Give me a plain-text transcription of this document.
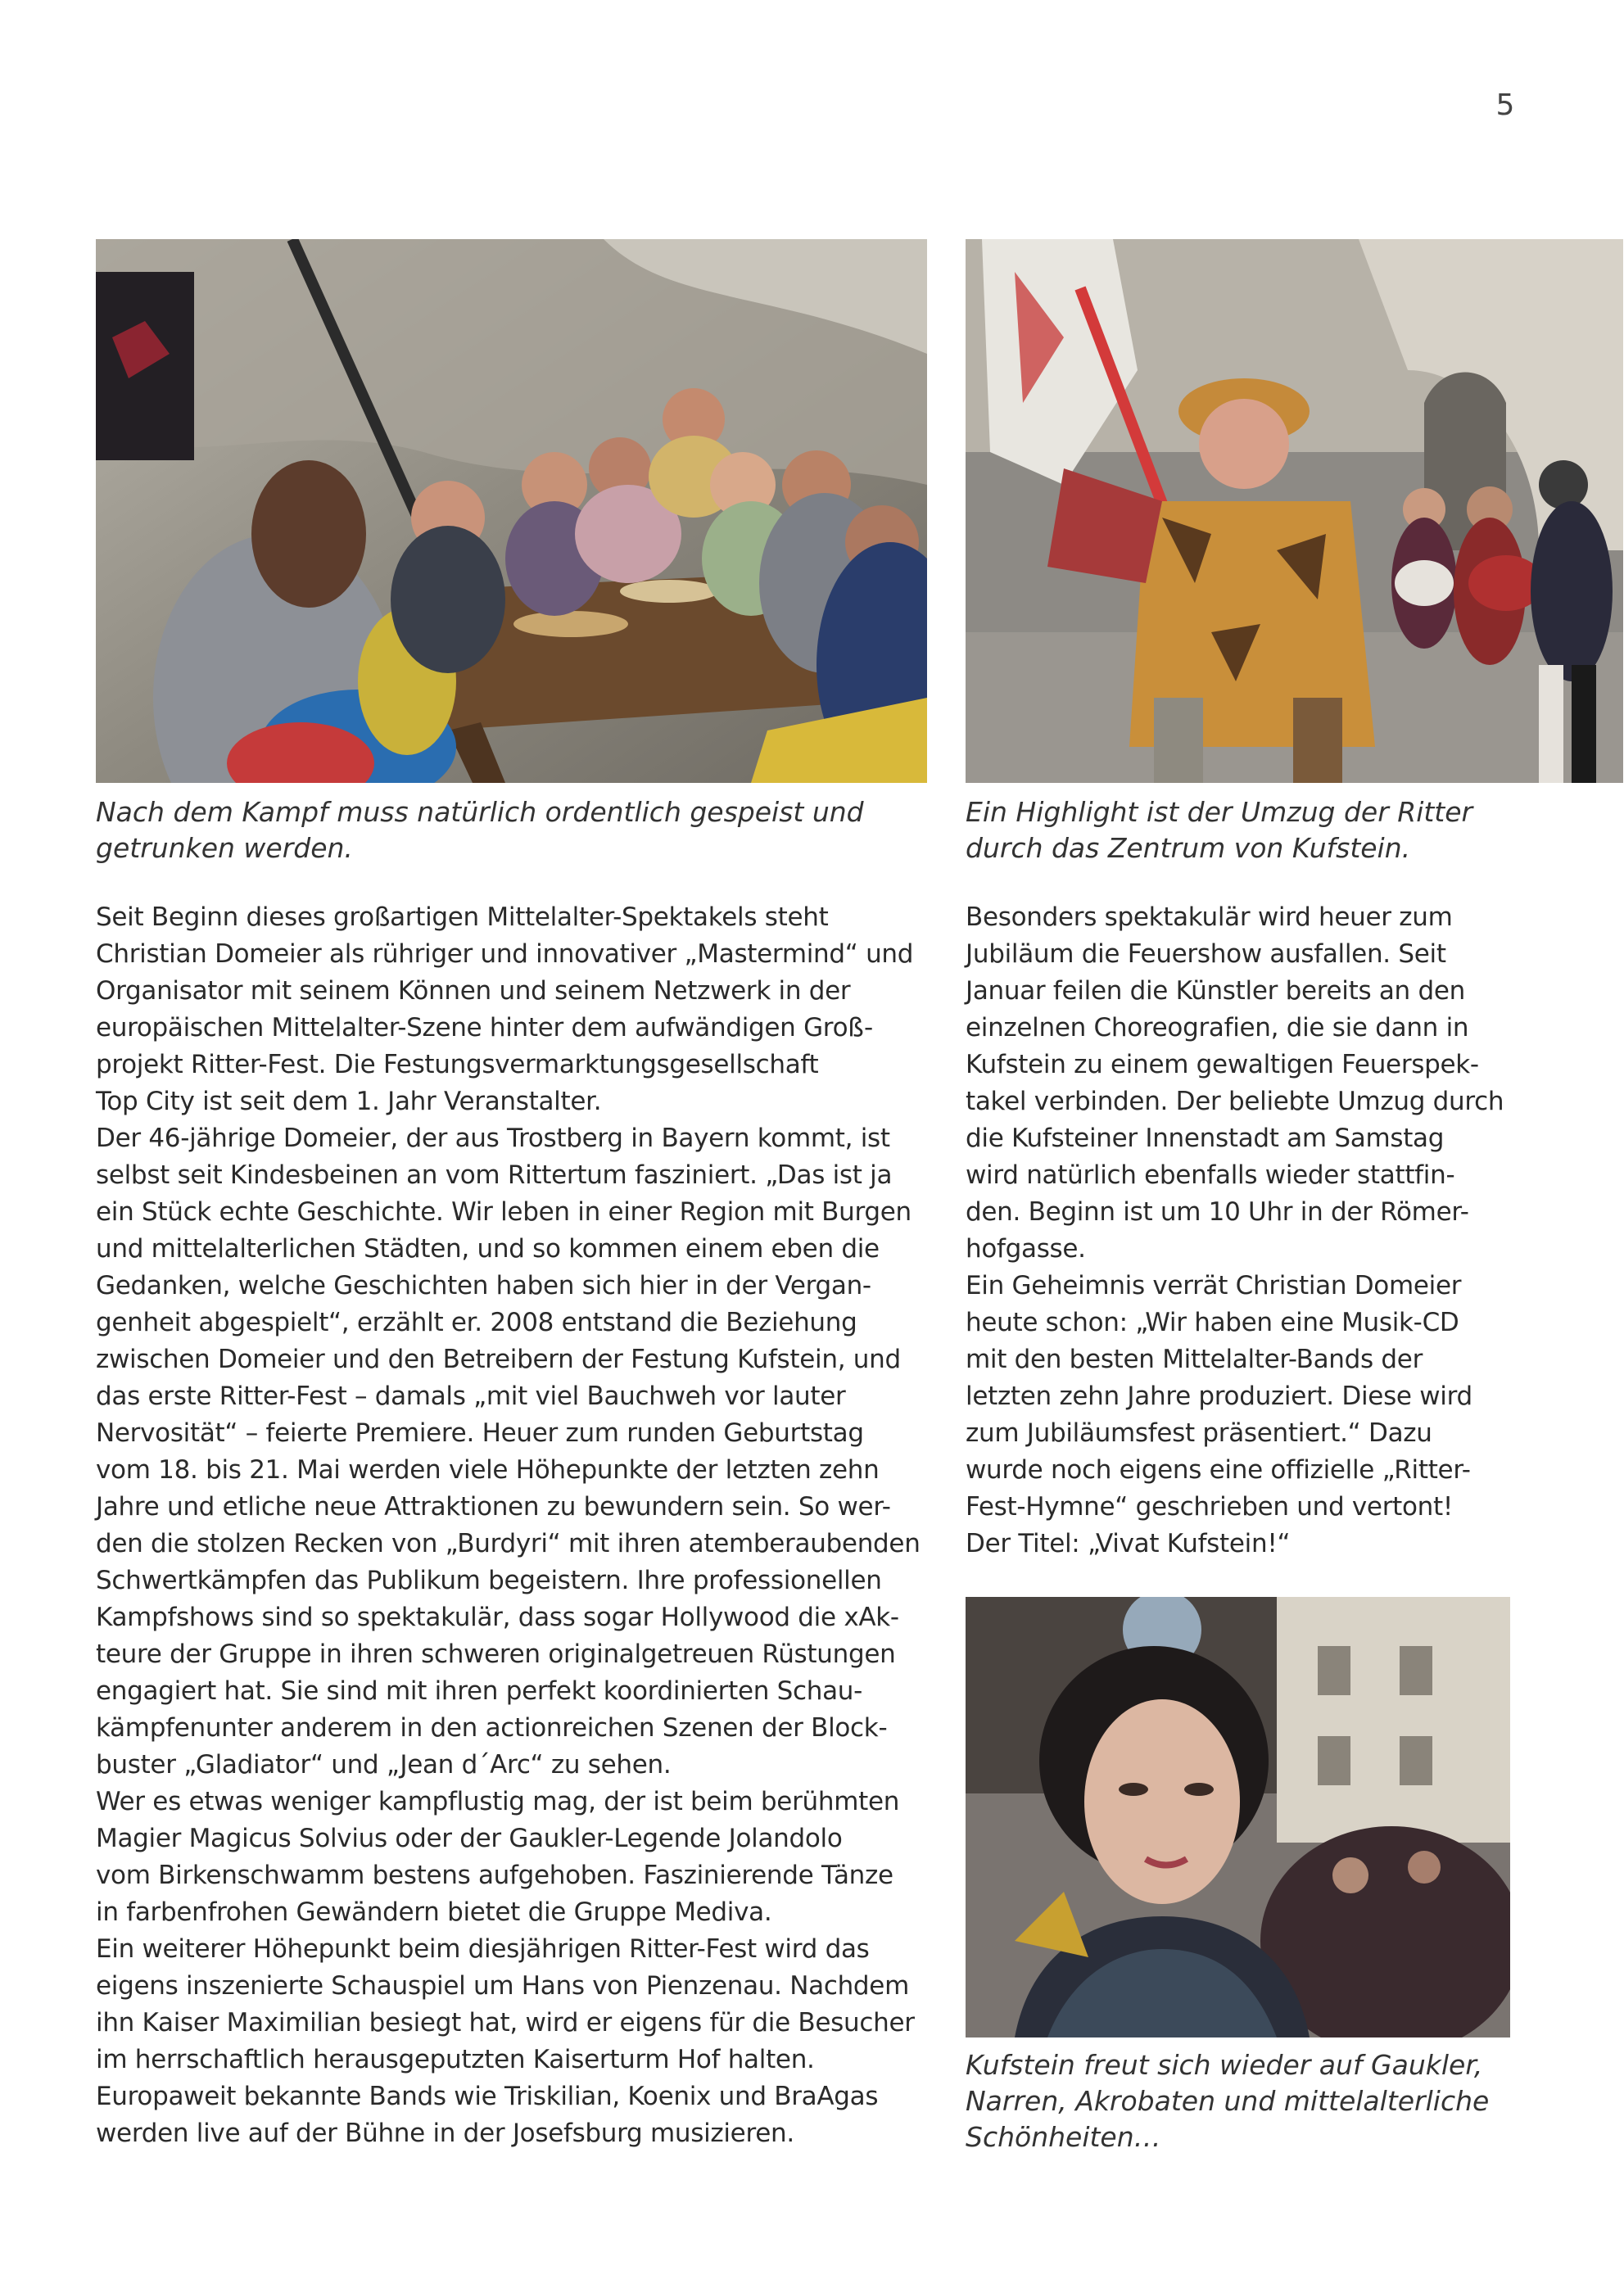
5

Nach dem Kampf muss natürlich ordentlich gespeist und

getrunken werden.

Ein Highlight ist der Umzug der Ritter

durch das Zentrum von Kufstein.

Kufstein freut sich wieder auf Gaukler,

Narren, Akrobaten und mittelalterliche

Schönheiten…

Seit Beginn dieses großartigen Mittelalter-Spektakels steht

Christian Domeier als rühriger und innovativer „Mastermind“ und

Organisator mit seinem Können und seinem Netzwerk in der

europäischen Mittelalter-Szene hinter dem aufwändigen Groß-

projekt Ritter-Fest. Die Festungsvermarktungsgesellschaft

Top City ist seit dem 1. Jahr Veranstalter.

Der 46-jährige Domeier, der aus Trostberg in Bayern kommt, ist

selbst seit Kindesbeinen an vom Rittertum fasziniert. „Das ist ja

ein Stück echte Geschichte. Wir leben in einer Region mit Burgen

und mittelalterlichen Städten, und so kommen einem eben die

Gedanken, welche Geschichten haben sich hier in der Vergan-

genheit abgespielt“, erzählt er. 2008 entstand die Beziehung

zwischen Domeier und den Betreibern der Festung Kufstein, und

das erste Ritter-Fest – damals „mit viel Bauchweh vor lauter

Nervosität“ – feierte Premiere. Heuer zum runden Geburtstag

vom 18. bis 21. Mai werden viele Höhepunkte der letzten zehn

Jahre und etliche neue Attraktionen zu bewundern sein. So wer-

den die stolzen Recken von „Burdyri“ mit ihren atemberaubenden

Schwertkämpfen das Publikum begeistern. Ihre professionellen

Kampfshows sind so spektakulär, dass sogar Hollywood die xAk-

teure der Gruppe in ihren schweren originalgetreuen Rüstungen

engagiert hat. Sie sind mit ihren perfekt koordinierten Schau-

kämpfenunter anderem in den actionreichen Szenen der Block-

buster „Gladiator“ und „Jean d´Arc“ zu sehen.

Wer es etwas weniger kampflustig mag, der ist beim berühmten

Magier Magicus Solvius oder der Gaukler-Legende Jolandolo

vom Birkenschwamm bestens aufgehoben. Faszinierende Tänze

in farbenfrohen Gewändern bietet die Gruppe Mediva.

Ein weiterer Höhepunkt beim diesjährigen Ritter-Fest wird das

eigens inszenierte Schauspiel um Hans von Pienzenau. Nachdem

ihn Kaiser Maximilian besiegt hat, wird er eigens für die Besucher

im herrschaftlich herausgeputzten Kaiserturm Hof halten.

Europaweit bekannte Bands wie Triskilian, Koenix und BraAgas

werden live auf der Bühne in der Josefsburg musizieren.

Besonders spektakulär wird heuer zum

Jubiläum die Feuershow ausfallen. Seit

Januar feilen die Künstler bereits an den

einzelnen Choreografien, die sie dann in

Kufstein zu einem gewaltigen Feuerspek-

takel verbinden. Der beliebte Umzug durch

die Kufsteiner Innenstadt am Samstag

wird natürlich ebenfalls wieder stattfin-

den. Beginn ist um 10 Uhr in der Römer-

hofgasse.

Ein Geheimnis verrät Christian Domeier

heute schon: „Wir haben eine Musik-CD

mit den besten Mittelalter-Bands der

letzten zehn Jahre produziert. Diese wird

zum Jubiläumsfest präsentiert.“ Dazu

wurde noch eigens eine offizielle „Ritter-

Fest-Hymne“ geschrieben und vertont!

Der Titel: „Vivat Kufstein!“
